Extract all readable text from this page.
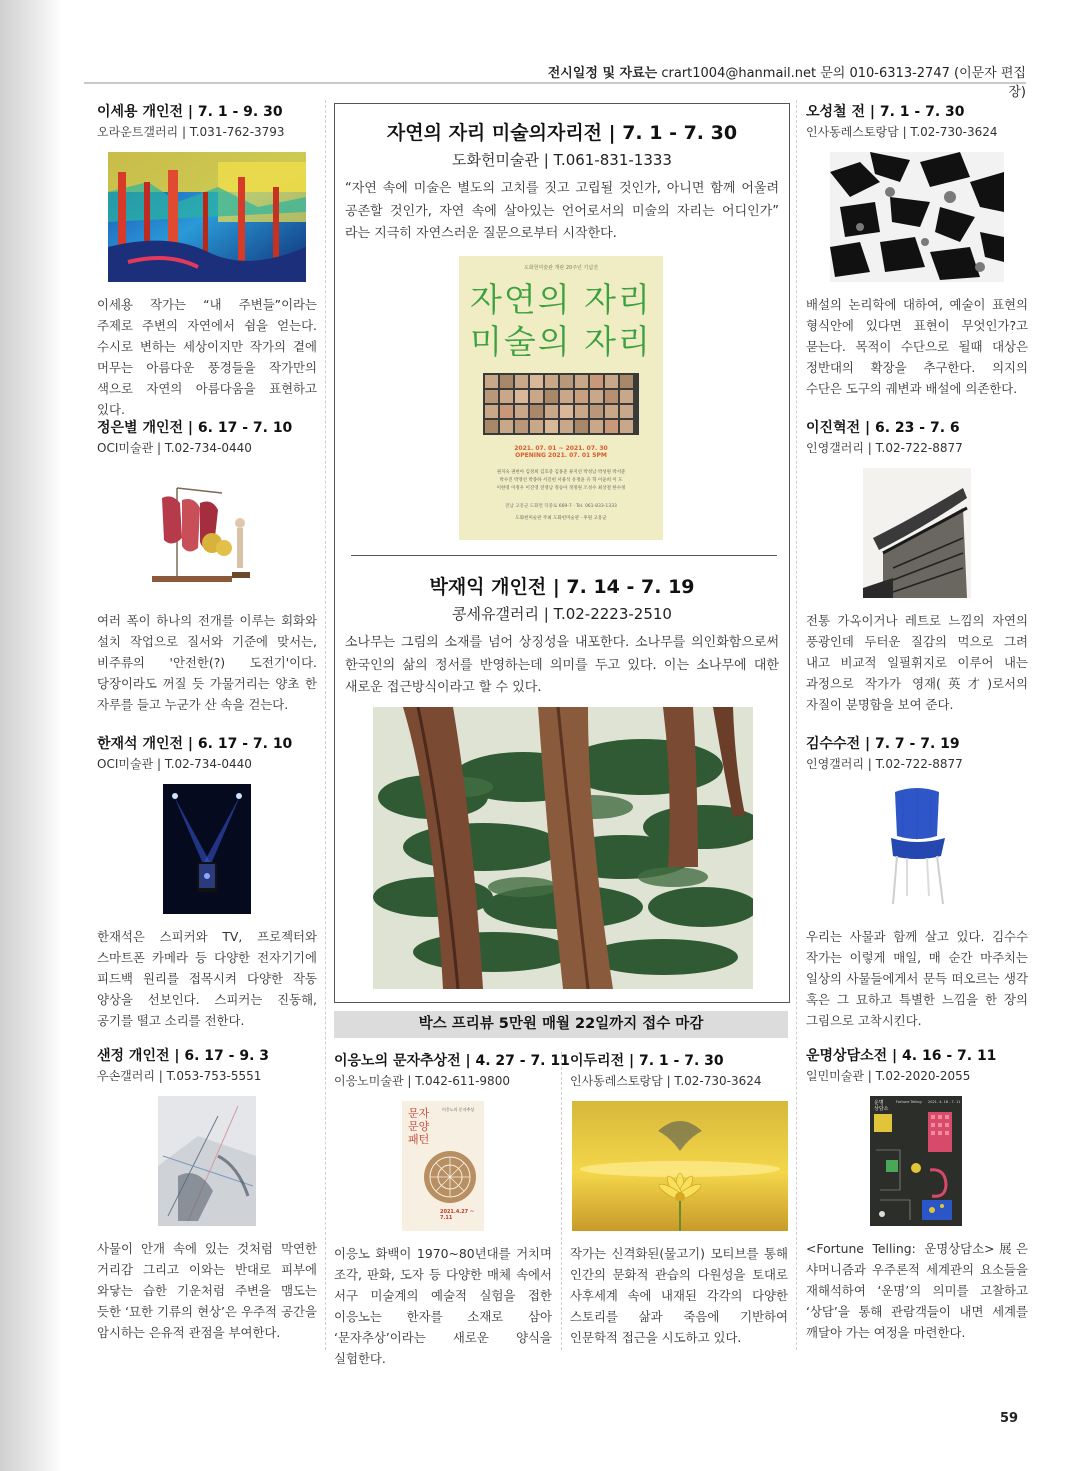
전시일정 및 자료는 crart1004@hanmail.net 문의 010-6313-2747 (이문자 편집장)
이세용 개인전 | 7. 1 - 9. 30
오라운트갤러리 | T.031-762-3793

이세용 작가는 “내 주변들”이라는 주제로 주변의 자연에서 쉼을 얻는다. 수시로 변하는 세상이지만 작가의 곁에 머무는 아름다운 풍경들을 작가만의 색으로 자연의 아름다움을 표현하고 있다.

정은별 개인전 | 6. 17 - 7. 10
OCI미술관 | T.02-734-0440

여러 폭이 하나의 전개를 이루는 회화와 설치 작업으로 질서와 기준에 맞서는, 비주류의 '안전한(?) 도전기'이다. 당장이라도 꺼질 듯 가물거리는 양초 한 자루를 들고 누군가 산 속을 걷는다.

한재석 개인전 | 6. 17 - 7. 10
OCI미술관 | T.02-734-0440

한재석은 스피커와 TV, 프로젝터와 스마트폰 카메라 등 다양한 전자기기에 피드백 원리를 접목시켜 다양한 작동 양상을 선보인다. 스피커는 진동해, 공기를 떨고 소리를 전한다.

샌정 개인전 | 6. 17 - 9. 3
우손갤러리 | T.053-753-5551

사물이 안개 속에 있는 것처럼 막연한 거리감 그리고 이와는 반대로 피부에 와닿는 습한 기운처럼 주변을 맴도는 듯한 ‘묘한 기류의 현상’은 우주적 공간을 암시하는 은유적 관점을 부여한다.

자연의 자리 미술의자리전 | 7. 1 - 7. 30
도화헌미술관 | T.061-831-1333

“자연 속에 미술은 별도의 고치를 짓고 고립될 것인가, 아니면 함께 어울려 공존할 것인가, 자연 속에 살아있는 언어로서의 미술의 자리는 어디인가” 라는 지극히 자연스러운 질문으로부터 시작한다.

도화헌미술관 개관 20주년 기념전
자연의 자리
미술의 자리
2021. 07. 01 ~ 2021. 07. 30
OPENING 2021. 07. 01 5PM
권지숙 권현아 김정희 김호중 김홍준 류지선 박성남 박성원 박서준
박수진 박영선 박종하 서길헌 서용석 유정윤 유 혁 이윤희 이 도
이한영 이정우 이진영 전영남 정승아 정정원 조성수 최상철 한수정
전남 고흥군 도화면 덕중로 669-7 · Tel. 061-833-1333
도화헌미술관 주최 도화헌미술관 · 후원 고흥군
박재익 개인전 | 7. 14 - 7. 19
콩세유갤러리 | T.02-2223-2510

소나무는 그림의 소재를 넘어 상징성을 내포한다. 소나무를 의인화함으로써 한국인의 삶의 정서를 반영하는데 의미를 두고 있다. 이는 소나무에 대한 새로운 접근방식이라고 할 수 있다.

박스 프리뷰 5만원 매월 22일까지 접수 마감
이응노의 문자추상전 | 4. 27 - 7. 11
이응노미술관 | T.042-611-9800
문자
문양
패턴
이응노의 문자추상
2021.4.27 ~ 7.11

이응노 화백이 1970~80년대를 거치며 조각, 판화, 도자 등 다양한 매체 속에서 서구 미술계의 예술적 실험을 접한 이응노는 한자를 소재로 삼아 ‘문자추상’이라는 새로운 양식을 실험한다.

이두리전 | 7. 1 - 7. 30
인사동레스토랑담 | T.02-730-3624

작가는 신격화된(물고기) 모티브를 통해 인간의 문화적 관습의 다원성을 토대로 사후세계 속에 내재된 각각의 다양한 스토리를 삶과 죽음에 기반하여 인문학적 접근을 시도하고 있다.

오성철 전 | 7. 1 - 7. 30
인사동레스토랑담 | T.02-730-3624

배설의 논리학에 대하여, 예술이 표현의 형식안에 있다면 표현이 무엇인가?고 묻는다. 목적이 수단으로 될때 대상은 정반대의 확장을 추구한다. 의지의 수단은 도구의 궤변과 배설에 의존한다.

이진혁전 | 6. 23 - 7. 6
인영갤러리 | T.02-722-8877

전통 가옥이거나 레트로 느낌의 자연의 풍광인데 두터운 질감의 먹으로 그려 내고 비교적 일필휘지로 이루어 내는 과정으로 작가가 영재(英才)로서의 자질이 분명함을 보여 준다.

김수수전 | 7. 7 - 7. 19
인영갤러리 | T.02-722-8877

우리는 사물과 함께 살고 있다. 김수수 작가는 이렇게 매일, 매 순간 마주치는 일상의 사물들에게서 문득 떠오르는 생각 혹은 그 묘하고 특별한 느낌을 한 장의 그림으로 고착시킨다.

운명상담소전 | 4. 16 - 7. 11
일민미술관 | T.02-2020-2055
운명
상담소
Fortune Telling 2021. 4. 16 - 7. 11

<Fortune Telling: 운명상담소>展은 샤머니즘과 우주론적 세계관의 요소들을 재해석하여 ‘운명’의 의미를 고찰하고 ‘상담’을 통해 관람객들이 내면 세계를 깨달아 가는 여정을 마련한다.

59
